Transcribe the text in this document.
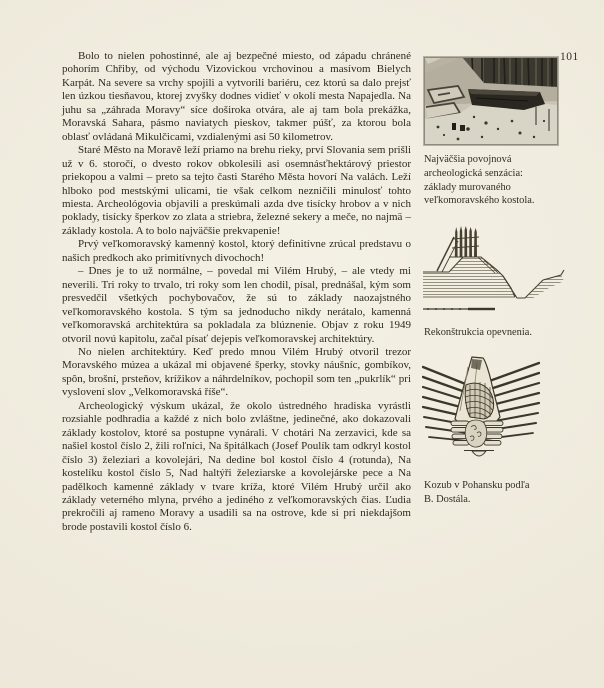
101

Bolo to nielen pohostinné, ale aj bezpečné miesto, od západu chránené pohorím Chřiby, od východu Vizovickou vrchovinou a masívom Bielych Karpát. Na severe sa vrchy spojili a vytvorili bariéru, cez ktorú sa dalo prejsť len úzkou tiesňavou, ktorej zvyšky dodnes vidieť v okolí mesta Napajedla. Na juhu sa „záhrada Moravy“ síce doširoka otvára, ale aj tam bola prekážka, Moravská Sahara, pásmo naviatych pieskov, takmer púšť, za ktorou bola oblasť ovládaná Mikulčicami, vzdialenými asi 50 kilometrov.

Staré Město na Moravě leží priamo na brehu rieky, prví Slovania sem prišli už v 6. storočí, o dvesto rokov obkolesili asi osemnásťhektárový priestor priekopou a valmi – preto sa tejto časti Starého Města hovorí Na valách. Leží hlboko pod mestskými ulicami, tie však celkom nezničili minulosť tohto miesta. Archeológovia objavili a preskúmali azda dve tisícky hrobov a v nich poklady, tisícky šperkov zo zlata a striebra, železné sekery a meče, no najmä – základy kostola. A to bolo najväčšie prekvapenie!

Prvý veľkomoravský kamenný kostol, ktorý definitívne zrúcal predstavu o našich predkoch ako primitívnych divochoch!

– Dnes je to už normálne, – povedal mi Vilém Hrubý, – ale vtedy mi neverili. Tri roky to trvalo, tri roky som len chodil, písal, prednášal, kým som presvedčil všetkých pochybovačov, že sú to základy naozajstného veľkomoravského kostola. S tým sa jednoducho nikdy nerátalo, kamenná veľkomoravská architektúra sa pokladala za blúznenie. Objav z roku 1949 otvoril novú kapitolu, začal písať dejepis veľkomoravskej architektúry.

No nielen architektúry. Keď predo mnou Vilém Hrubý otvoril trezor Moravského múzea a ukázal mi objavené šperky, stovky náušníc, gombíkov, spôn, brošní, prsteňov, krížikov a náhrdelníkov, pochopil som ten „pukrlík“ pri vyslovení slov „Velkomoravská říše“.

Archeologický výskum ukázal, že okolo ústredného hradiska vyrástli rozsiahle podhradia a každé z nich bolo zvláštne, jedinečné, ako dokazovali základy kostolov, ktoré sa postupne vynárali. V chotári Na zerzavici, kde sa našiel kostol číslo 2, žili roľníci, Na špitálkach (Josef Poulík tam odkryl kostol číslo 3) železiari a kovolejári, Na dedine bol kostol číslo 4 (rotunda), Na kostelíku kostol číslo 5, Nad haltýři železiarske a kovolejárske pece a Na padělkoch kamenné základy v tvare kríža, ktoré Vilém Hrubý určil ako základy veterného mlyna, prvého a jediného z veľkomoravských čias. Ľudia prekročili aj rameno Moravy a usadili sa na ostrove, kde si pri niekdajšom brode postavili kostol číslo 6.

Najväčšia povojnová archeologická senzácia: základy murovaného veľkomoravského kostola.
Rekonštrukcia opevnenia.
Kozub v Pohansku podľa B. Dostála.
